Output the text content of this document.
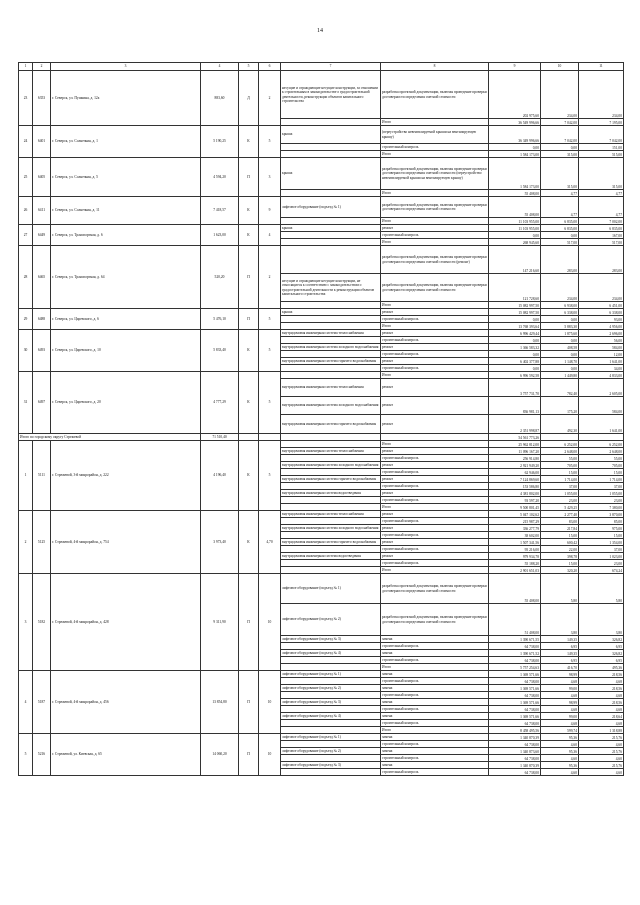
14
1	2	3	4	5	6	7	8	9	10	11
23	6353	г. Северск, ул. Пушкина, д. 12а	883,60	Д	2	несущие и ограждающие несущие конструкции, за отношении к строительным в законодательстве о градостроительной деятельности, реконструкции объектов капитального строительства	разработка проектной документации, включая проведение проверки достоверности определения сметной стоимости	202 975,60	234,00	234,00
							Итого	36 549 996,66	7 042,00	7 195,00
24	6401	г. Северск, ул. Солнечная, д. 1	5 190,25	К	5	крыша	(переустройство невентилируемой крыши на вентилируемую крышу)	36 349 996,66	7 042,00	7 042,00
							строительный контроль	0,00	0,00	151,00
							Итого	1 584 173,00	315,00	515,00
25	6405	г. Северск, ул. Солнечная, д. 5	4 594,20	П	3	крыша	разработка проектной документации, включая проведение проверки достоверности определения сметной стоимости (переустройство невентилируемой крыши на вентилируемую крышу)	1 584 173,00	315,00	315,00
							Итого	55 408,00	4,77	4,77
26	6411	г. Северск, ул. Солнечная, д. 11	7 418,57	К	9	лифтовое оборудование (подъезд № 1)	разработка проектной документации, включая проведение проверки достоверности определения сметной стоимости	55 408,00	4,77	4,77
							Итого	11 103 955,00	6 835,00	7 002,00
27	6449	г. Северск, ул. Транспортная, д. 6	1 623,00	К	4	крыша	ремонт	11 103 955,00	6 835,00	6 835,00
							строительный контроль	0,00	0,00	167,00
							Итого	268 945,60	517,00	517,00
28	6465	г. Северск, ул. Транспортная, д. 64	520,20	П	2		разработка проектной документации, включая проведение проверки достоверности определения сметной стоимости (ремонт)	147 216,60	283,00	283,00
						несущие и ограждающие несущие конструкции, не относящиеся к соответствию с законодательством о градостроительной деятельности к реконструкции объектов капитального строительства	разработка проектной документации, включая проведение проверки достоверности определения сметной стоимости	121 728,60	234,00	234,00
							Итого	15 082 997,50	6 938,00	6 451,00
29	6488	г. Северск, ул. Царевского, д. 6	5 476,10	П	5	крыша	ремонт	15 082 997,50	6 338,00	6 338,00
							строительный контроль	0,00	0,00	93,00
							Итого	13 768 393,64	5 883,30	4 956,00
30	6493	г. Северск, ул. Царевского, д. 10	5 833,40	К	5	внутридомовая инженерная система теплоснабжения	ремонт	6 996 429,44	1 875,60	2 696,00
							строительный контроль	0,00	0,00	56,00
						внутридомовая инженерная система холодного водоснабжения	ремонт	1 366 583,32	408,58	584,00
							строительный контроль	0,00	0,00	12,00
						внутридомовая инженерная система горячего водоснабжения	ремонт	6 402 377,88	1 148,70	1 641,00
							строительный контроль	0,00	0,00	34,00
31	6497	г. Северск, ул. Царевского, д. 20	4 777,29	К	5		Итого	6 996 592,58	1 449,80	4 833,00
						внутридомовая инженерная система теплоснабжения	ремонт	3 757 731,70	782,40	2 605,00
						внутридомовая инженерная система холодного водоснабжения	ремонт	836 981,13	175,20	584,00
						внутридомовая инженерная система горячего водоснабжения	ремонт	2 351 998,87	492,30	1 641,00
Итого по городскому округу Стрежевой			71 510,40					54 561 773,26		
1	5111	г. Стрежевой, 3-й микрорайон, д. 222	4 196,40	К	5		Итого	25 962 812,00	6 252,00	6 252,00
						внутридомовая инженерная система теплоснабжения	ремонт	11 096 167,20	2 648,00	2 648,00
							строительный контроль	256 914,80	55,00	55,00
						внутридомовая инженерная система холодного водоснабжения	ремонт	2 921 949,20	705,00	705,00
							строительный контроль	62 946,00	15,00	15,00
						внутридомовая инженерная система горячего водоснабжения	ремонт	7 124 869,60	1 714,00	1 714,00
							строительный контроль	153 586,80	37,00	37,00
						внутридомовая инженерная система водоотведения	ремонт	4 381 802,00	1 055,00	1 055,00
							строительный контроль	93 597,20	23,00	23,00
							Итого	9 500 801,45	5 429,25	7 380,00
2	5125	г. Стрежевой, 4-й микрорайон, д. 754	3 973,40	К	4,70	внутридомовая инженерная система теплоснабжения	ремонт	5 047 102,62	2 277,40	3 870,00
							строительный контроль	215 987,29	83,00	85,00
						внутридомовая инженерная система холодного водоснабжения	ремонт	336 277,79	217,84	975,00
							строительный контроль	38 602,00	15,00	15,00
						внутридомовая инженерная система горячего водоснабжения	ремонт	1 507 341,56	600,42	1 354,00
							строительный контроль	95 216,00	22,00	37,00
						внутридомовая инженерная система водоотведения	ремонт	979 934,78	398,78	1 023,00
							строительный контроль	55 188,20	15,00	23,00
							Итого	2 901 651,03	320,20	674,24
3	5182	г. Стрежевой, 4-й микрорайон, д. 428	9 311,90	П	10	лифтовое оборудование (подъезд № 1)	разработка проектной документации, включая проведение проверки достоверности определения сметной стоимости	55 408,00	5,80	5,80
						лифтовое оборудование (подъезд № 2)	разработка проектной документации, включая проведение проверки достоверности определения сметной стоимости	51 408,00	3,80	3,80
						лифтовое оборудование (подъезд № 3)	замена	1 390 671,55	149,35	326,82
							строительный контроль	64 738,00	6,95	6,95
						лифтовое оборудование (подъезд № 4)	замена	1 390 671,52	149,35	326,82
							строительный контроль	64 738,00	6,95	6,95
							Итого	5 757 254,63	416,70	495,36
4	5187	г. Стрежевой, 4-й микрорайон, д. 456	13 854,80	П	10	лифтовое оборудование (подъезд № 1)	замена	1 369 571,66	98,99	218,56
							строительный контроль	64 738,00	4,68	4,68
						лифтовое оборудование (подъезд № 2)	замена	1 369 571,66	99,00	218,56
							строительный контроль	64 738,00	4,68	4,68
						лифтовое оборудование (подъезд № 3)	замена	1 369 571,66	98,99	218,56
							строительный контроль	64 738,00	4,68	4,68
						лифтовое оборудование (подъезд № 4)	замена	1 369 571,66	99,00	218,64
							строительный контроль	64 738,00	4,68	4,68
							Итого	8 458 495,56	599,74	1 318,88
5	5216	г. Стрежевой, ул. Киевская, д. 65	14 060,20	П	10	лифтовое оборудование (подъезд № 1)	замена	1 340 870,39	95,36	215,76
							строительный контроль	64 738,00	4,60	4,60
						лифтовое оборудование (подъезд № 2)	замена	1 340 873,60	95,36	215,76
							строительный контроль	64 738,00	4,60	4,60
						лифтовое оборудование (подъезд № 3)	замена	1 340 870,39	95,36	215,76
							строительный контроль	64 738,00	4,60	4,60
